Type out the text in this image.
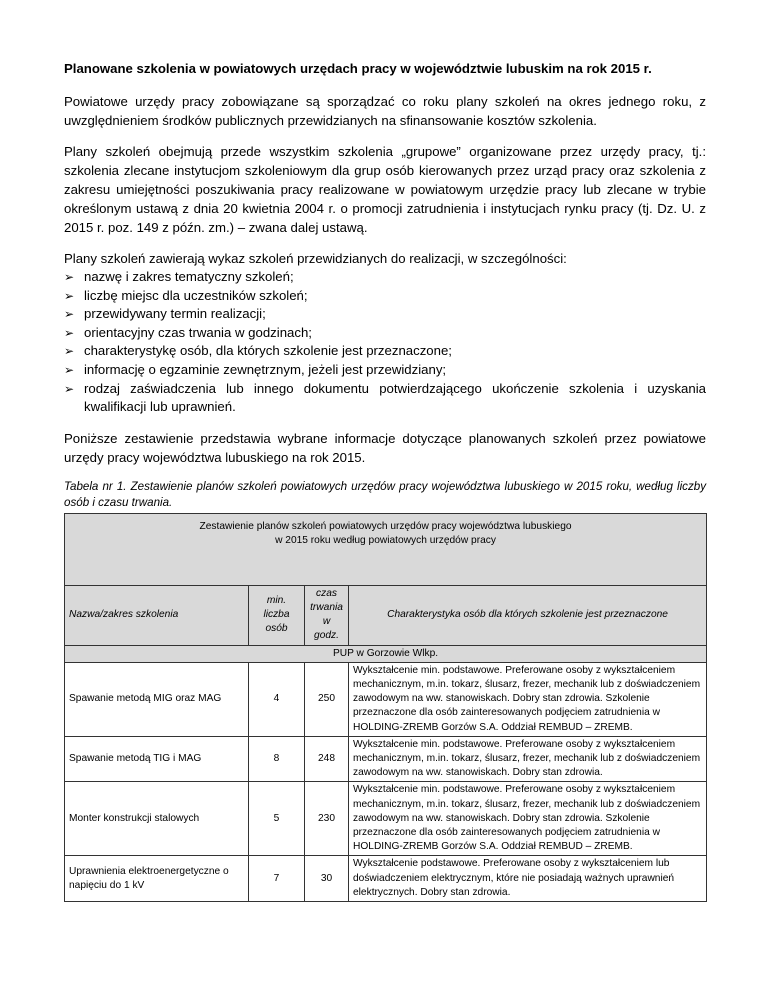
Planowane szkolenia w powiatowych urzędach pracy w województwie lubuskim na rok 2015 r.

Powiatowe urzędy pracy zobowiązane są sporządzać co roku plany szkoleń na okres jednego roku, z uwzględnieniem środków publicznych przewidzianych na sfinansowanie kosztów szkolenia.

Plany szkoleń obejmują przede wszystkim szkolenia „grupowe” organizowane przez urzędy pracy, tj.: szkolenia zlecane instytucjom szkoleniowym dla grup osób kierowanych przez urząd pracy oraz szkolenia z zakresu umiejętności poszukiwania pracy realizowane w powiatowym urzędzie pracy lub zlecane w trybie określonym ustawą z dnia 20 kwietnia 2004 r. o promocji zatrudnienia i instytucjach rynku pracy (tj. Dz. U. z 2015 r. poz. 149 z późn. zm.) – zwana dalej ustawą.

Plany szkoleń zawierają wykaz szkoleń przewidzianych do realizacji, w szczególności:

➢ nazwę i zakres tematyczny szkoleń;
➢ liczbę miejsc dla uczestników szkoleń;
➢ przewidywany termin realizacji;
➢ orientacyjny czas trwania w godzinach;
➢ charakterystykę osób, dla których szkolenie jest przeznaczone;
➢ informację o egzaminie zewnętrznym, jeżeli jest przewidziany;
➢ rodzaj zaświadczenia lub innego dokumentu potwierdzającego ukończenie szkolenia i uzyskania kwalifikacji lub uprawnień.

Poniższe zestawienie przedstawia wybrane informacje dotyczące planowanych szkoleń przez powiatowe urzędy pracy województwa lubuskiego na rok 2015.

Tabela nr 1. Zestawienie planów szkoleń powiatowych urzędów pracy województwa lubuskiego w 2015 roku, według liczby osób i czasu trwania.
Zestawienie planów szkoleń powiatowych urzędów pracy województwa lubuskiego
w 2015 roku według powiatowych urzędów pracy			

Nazwa/zakres szkolenia	min.
liczba
osób	czas
trwania
w godz.	Charakterystyka osób dla których szkolenie jest przeznaczone
PUP w Gorzowie Wlkp.			
Spawanie metodą MIG oraz MAG	4	250	Wykształcenie min. podstawowe. Preferowane osoby z wykształceniem mechanicznym, m.in. tokarz, ślusarz, frezer, mechanik lub z doświadczeniem zawodowym na ww. stanowiskach. Dobry stan zdrowia. Szkolenie przeznaczone dla osób zainteresowanych podjęciem zatrudnienia w HOLDING-ZREMB Gorzów S.A. Oddział REMBUD – ZREMB.
Spawanie metodą TIG i MAG	8	248	Wykształcenie min. podstawowe. Preferowane osoby z wykształceniem mechanicznym, m.in. tokarz, ślusarz, frezer, mechanik lub z doświadczeniem zawodowym na ww. stanowiskach. Dobry stan zdrowia.
Monter konstrukcji stalowych	5	230	Wykształcenie min. podstawowe. Preferowane osoby z wykształceniem mechanicznym, m.in. tokarz, ślusarz, frezer, mechanik lub z doświadczeniem zawodowym na ww. stanowiskach. Dobry stan zdrowia. Szkolenie przeznaczone dla osób zainteresowanych podjęciem zatrudnienia w HOLDING-ZREMB Gorzów S.A. Oddział REMBUD – ZREMB.
Uprawnienia elektroenergetyczne o napięciu do 1 kV	7	30	Wykształcenie podstawowe. Preferowane osoby z wykształceniem lub doświadczeniem elektrycznym, które nie posiadają ważnych uprawnień elektrycznych. Dobry stan zdrowia.
